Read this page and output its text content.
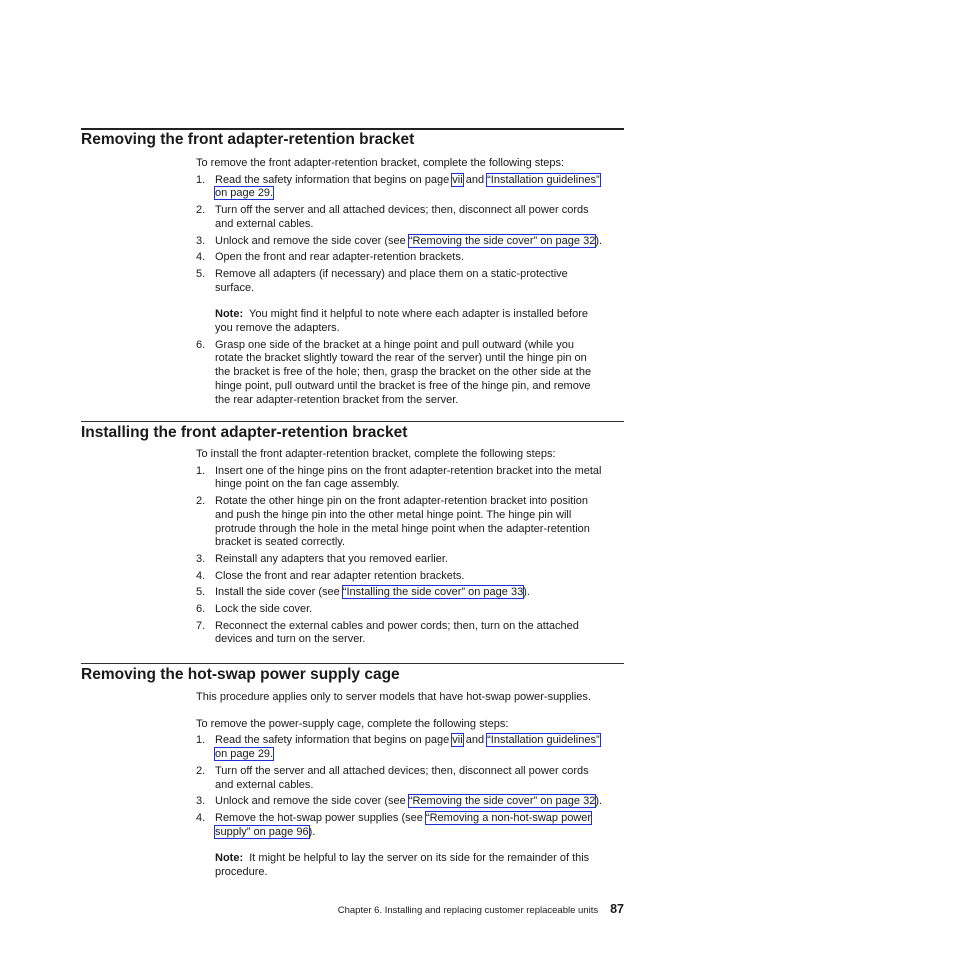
Removing the front adapter-retention bracket

To remove the front adapter-retention bracket, complete the following steps:

1. Read the safety information that begins on page vii and “Installation guidelines”
on page 29.
2. Turn off the server and all attached devices; then, disconnect all power cords
and external cables.
3. Unlock and remove the side cover (see “Removing the side cover” on page 32).
4. Open the front and rear adapter-retention brackets.
5. Remove all adapters (if necessary) and place them on a static-protective
surface.
Note: You might find it helpful to note where each adapter is installed before
you remove the adapters.
6. Grasp one side of the bracket at a hinge point and pull outward (while you
rotate the bracket slightly toward the rear of the server) until the hinge pin on
the bracket is free of the hole; then, grasp the bracket on the other side at the
hinge point, pull outward until the bracket is free of the hinge pin, and remove
the rear adapter-retention bracket from the server.
Installing the front adapter-retention bracket

To install the front adapter-retention bracket, complete the following steps:

1. Insert one of the hinge pins on the front adapter-retention bracket into the metal
hinge point on the fan cage assembly.
2. Rotate the other hinge pin on the front adapter-retention bracket into position
and push the hinge pin into the other metal hinge point. The hinge pin will
protrude through the hole in the metal hinge point when the adapter-retention
bracket is seated correctly.
3. Reinstall any adapters that you removed earlier.
4. Close the front and rear adapter retention brackets.
5. Install the side cover (see “Installing the side cover” on page 33).
6. Lock the side cover.
7. Reconnect the external cables and power cords; then, turn on the attached
devices and turn on the server.
Removing the hot-swap power supply cage

This procedure applies only to server models that have hot-swap power-supplies.

To remove the power-supply cage, complete the following steps:

1. Read the safety information that begins on page vii and “Installation guidelines”
on page 29.
2. Turn off the server and all attached devices; then, disconnect all power cords
and external cables.
3. Unlock and remove the side cover (see “Removing the side cover” on page 32).
4. Remove the hot-swap power supplies (see “Removing a non-hot-swap power
supply” on page 96).
Note: It might be helpful to lay the server on its side for the remainder of this
procedure.
Chapter 6. Installing and replacing customer replaceable units 87
